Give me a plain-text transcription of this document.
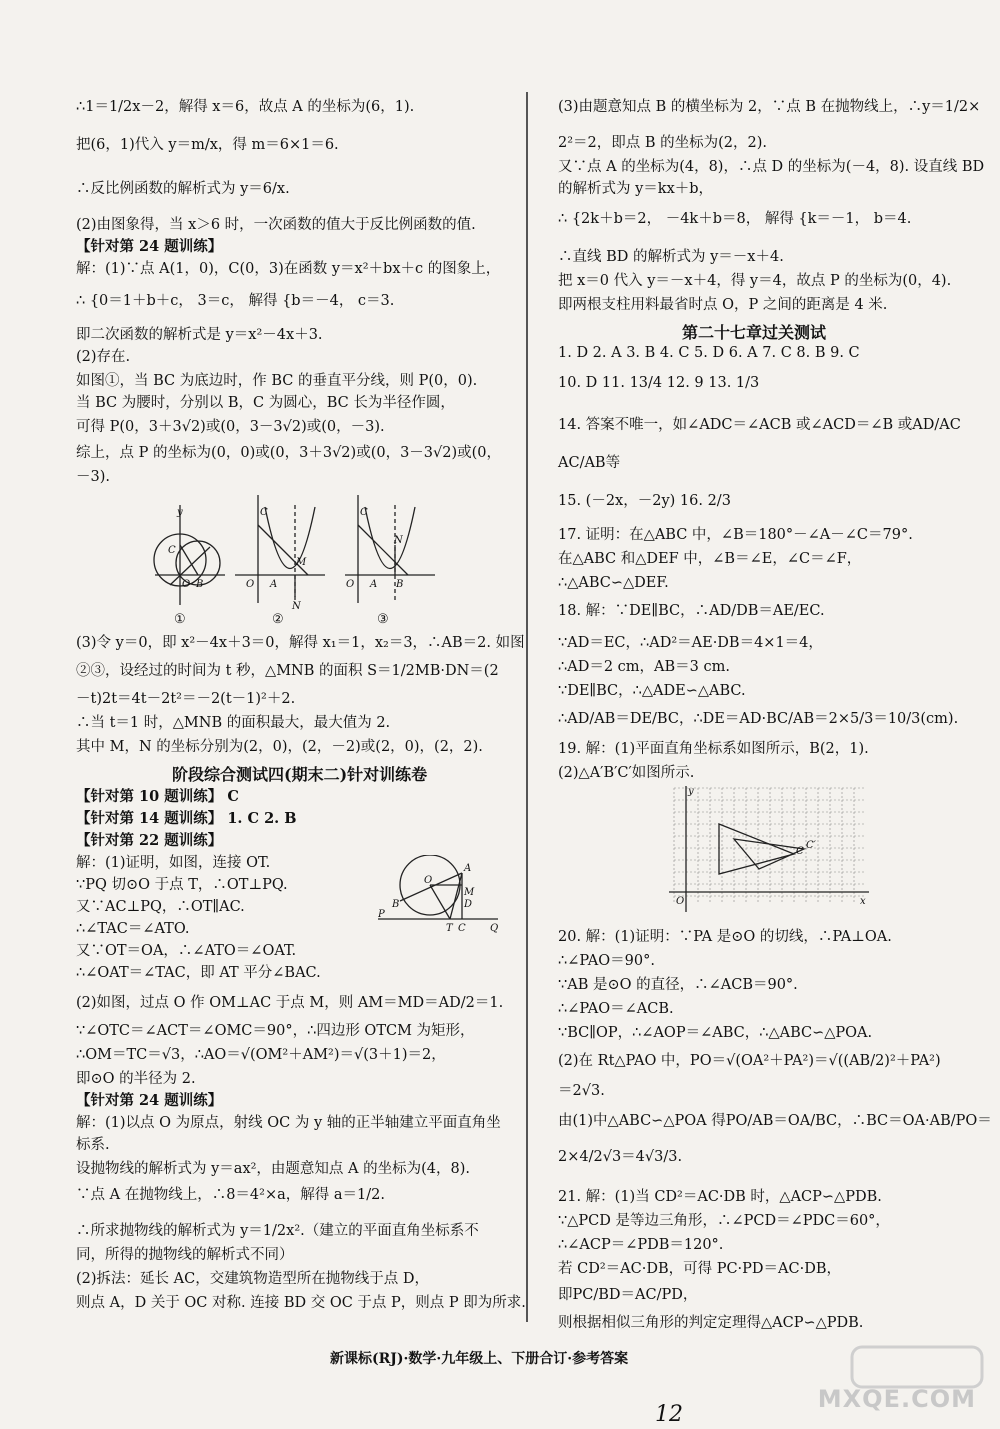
∴1＝1/2x－2，解得 x＝6，故点 A 的坐标为(6，1).
把(6，1)代入 y＝m/x，得 m＝6×1＝6.
∴反比例函数的解析式为 y＝6/x.
(2)由图象得，当 x＞6 时，一次函数的值大于反比例函数的值.
【针对第 24 题训练】
解：(1)∵点 A(1，0)，C(0，3)在函数 y＝x²＋bx＋c 的图象上，
∴ {0＝1＋b＋c， 3＝c， 解得 {b＝－4， c＝3.
即二次函数的解析式是 y＝x²－4x＋3.
(2)存在.
如图①，当 BC 为底边时，作 BC 的垂直平分线，则 P(0，0).
当 BC 为腰时，分别以 B，C 为圆心，BC 长为半径作圆，
可得 P(0，3＋3√2)或(0，3－3√2)或(0，－3).
综上，点 P 的坐标为(0，0)或(0，3＋3√2)或(0，3－3√2)或(0，
－3).
(3)令 y＝0，即 x²－4x＋3＝0，解得 x₁＝1，x₂＝3，∴AB＝2. 如图
②③，设经过的时间为 t 秒，△MNB 的面积 S＝1/2MB·DN＝(2
－t)2t＝4t－2t²＝－2(t－1)²＋2.
∴当 t＝1 时，△MNB 的面积最大，最大值为 2.
其中 M，N 的坐标分别为(2，0)，(2，－2)或(2，0)，(2，2).
【针对第 10 题训练】 C
【针对第 14 题训练】 1. C 2. B
【针对第 22 题训练】
解：(1)证明，如图，连接 OT.
∵PQ 切⊙O 于点 T，∴OT⊥PQ.
又∵AC⊥PQ，∴OT∥AC.
∴∠TAC＝∠ATO.
又∵OT＝OA，∴∠ATO＝∠OAT.
∴∠OAT＝∠TAC，即 AT 平分∠BAC.
(2)如图，过点 O 作 OM⊥AC 于点 M，则 AM＝MD＝AD/2＝1.
∵∠OTC＝∠ACT＝∠OMC＝90°，∴四边形 OTCM 为矩形，
∴OM＝TC＝√3，∴AO＝√(OM²＋AM²)＝√(3＋1)＝2，
即⊙O 的半径为 2.
【针对第 24 题训练】
解：(1)以点 O 为原点，射线 OC 为 y 轴的正半轴建立平面直角坐
标系.
设抛物线的解析式为 y＝ax²，由题意知点 A 的坐标为(4，8).
∵点 A 在抛物线上，∴8＝4²×a，解得 a＝1/2.
∴所求抛物线的解析式为 y＝1/2x².（建立的平面直角坐标系不
同，所得的抛物线的解析式不同）
(2)拆法：延长 AC，交建筑物造型所在抛物线于点 D，
则点 A，D 关于 OC 对称. 连接 BD 交 OC 于点 P，则点 P 即为所求.
(3)由题意知点 B 的横坐标为 2，∵点 B 在抛物线上，∴y＝1/2×
2²＝2，即点 B 的坐标为(2，2).
又∵点 A 的坐标为(4，8)，∴点 D 的坐标为(－4，8). 设直线 BD
的解析式为 y＝kx＋b，
∴ {2k＋b＝2， －4k＋b＝8， 解得 {k＝－1， b＝4.
∴直线 BD 的解析式为 y＝－x＋4.
把 x＝0 代入 y＝－x＋4，得 y＝4，故点 P 的坐标为(0，4).
即两根支柱用料最省时点 O，P 之间的距离是 4 米.
1. D 2. A 3. B 4. C 5. D 6. A 7. C 8. B 9. C
10. D 11. 13/4 12. 9 13. 1/3
14. 答案不唯一，如∠ADC＝∠ACB 或∠ACD＝∠B 或AD/AC
AC/AB等
15. (－2x，－2y) 16. 2/3
17. 证明：在△ABC 中，∠B＝180°－∠A－∠C＝79°.
在△ABC 和△DEF 中，∠B＝∠E，∠C＝∠F，
∴△ABC∽△DEF.
18. 解：∵DE∥BC，∴AD/DB＝AE/EC.
∵AD＝EC，∴AD²＝AE·DB＝4×1＝4，
∴AD＝2 cm，AB＝3 cm.
∵DE∥BC，∴△ADE∽△ABC.
∴AD/AB＝DE/BC，∴DE＝AD·BC/AB＝2×5/3＝10/3(cm).
19. 解：(1)平面直角坐标系如图所示，B(2，1).
(2)△A′B′C′如图所示.
20. 解：(1)证明：∵PA 是⊙O 的切线，∴PA⊥OA.
∴∠PAO＝90°.
∵AB 是⊙O 的直径，∴∠ACB＝90°.
∴∠PAO＝∠ACB.
∵BC∥OP，∴∠AOP＝∠ABC，∴△ABC∽△POA.
(2)在 Rt△PAO 中，PO＝√(OA²＋PA²)＝√((AB/2)²＋PA²)
＝2√3.
由(1)中△ABC∽△POA 得PO/AB＝OA/BC，∴BC＝OA·AB/PO＝
2×4/2√3＝4√3/3.
21. 解：(1)当 CD²＝AC·DB 时，△ACP∽△PDB.
∵△PCD 是等边三角形，∴∠PCD＝∠PDC＝60°，
∴∠ACP＝∠PDB＝120°.
若 CD²＝AC·DB，可得 PC·PD＝AC·DB，
即PC/BD＝AC/PD，
则根据相似三角形的判定定理得△ACP∽△PDB.
阶段综合测试四(期末二)针对训练卷
第二十七章过关测试
y
C
O B
C
A
O
M
N
C
A
O
N
B
①	②	③
P
Q
O
A
M
D
B
T C
y
x
O
C
C′
新课标(RJ)·数学·九年级上、下册合订·参考答案
12
MXQE.COM
